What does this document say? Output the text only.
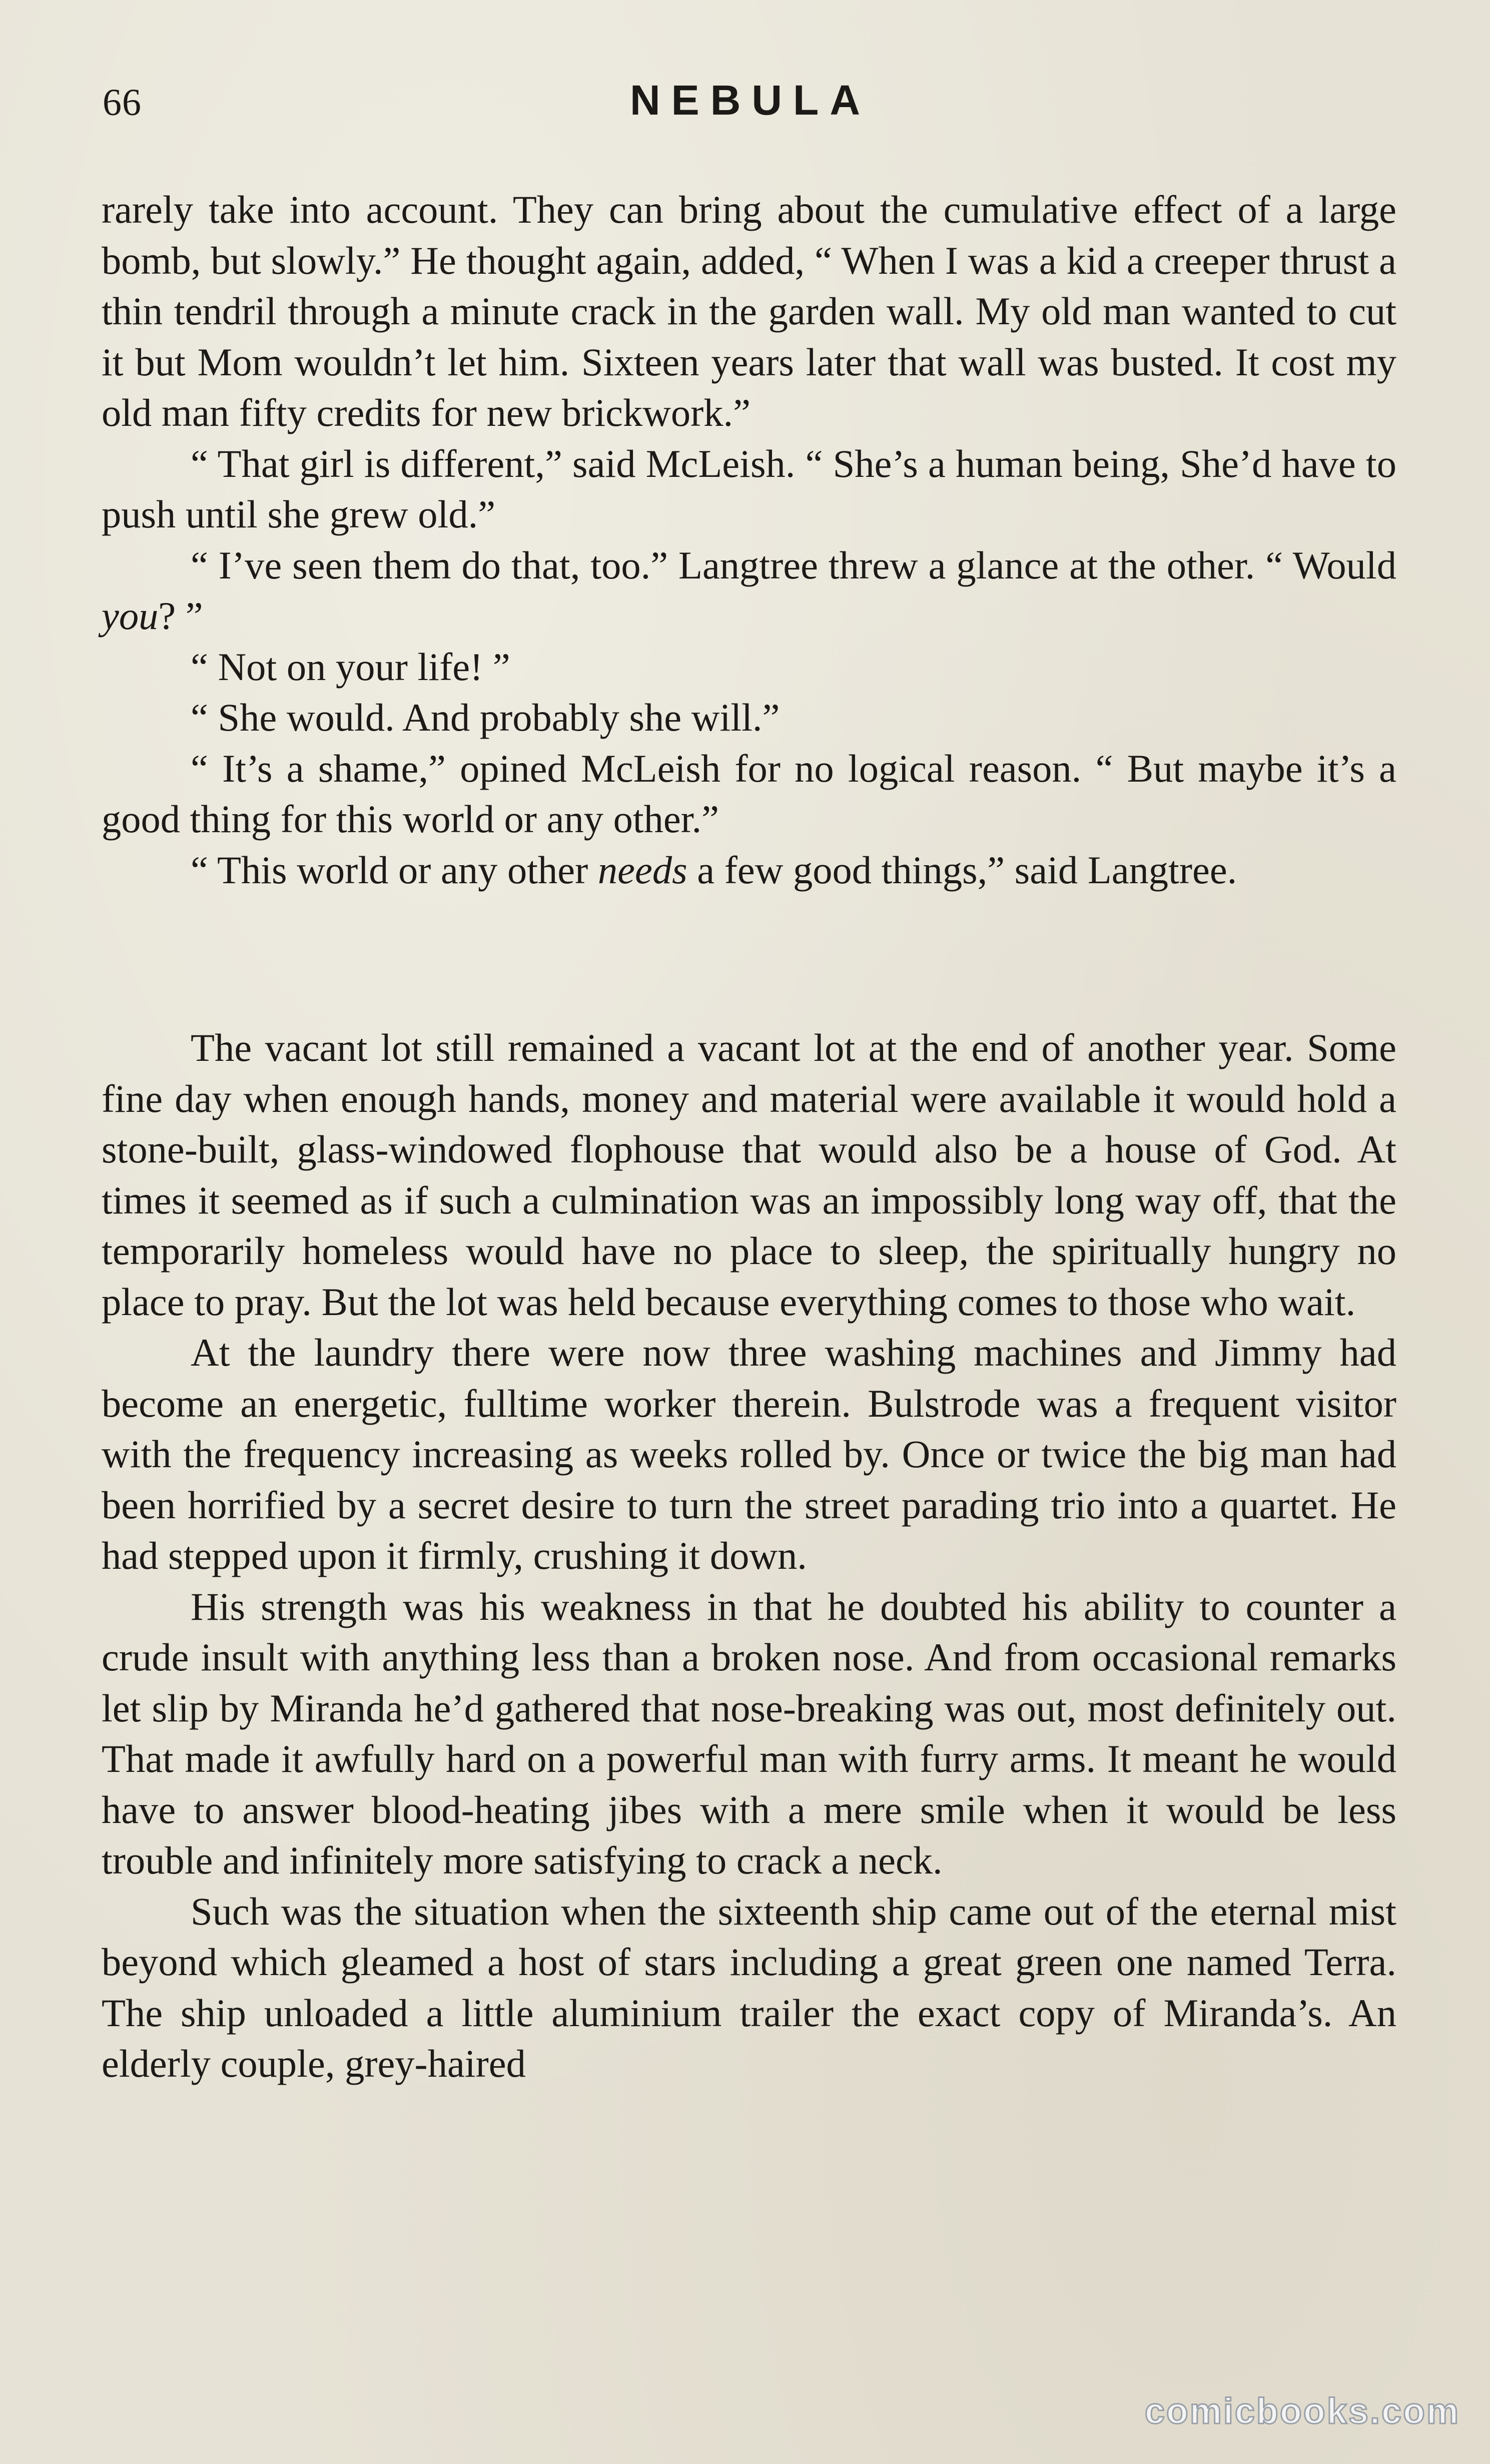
66	NEBULA

rarely take into account. They can bring about the cumulative effect of a large bomb, but slowly.” He thought again, added, “ When I was a kid a creeper thrust a thin tendril through a minute crack in the garden wall. My old man wanted to cut it but Mom wouldn’t let him. Sixteen years later that wall was busted. It cost my old man fifty credits for new brickwork.”

“ That girl is different,” said McLeish. “ She’s a human being, She’d have to push until she grew old.”

“ I’ve seen them do that, too.” Langtree threw a glance at the other. “ Would you? ”

“ Not on your life! ”

“ She would. And probably she will.”

“ It’s a shame,” opined McLeish for no logical reason. “ But maybe it’s a good thing for this world or any other.”

“ This world or any other needs a few good things,” said Langtree.

The vacant lot still remained a vacant lot at the end of another year. Some fine day when enough hands, money and material were available it would hold a stone-built, glass-windowed flophouse that would also be a house of God. At times it seemed as if such a culmination was an impossibly long way off, that the temporarily homeless would have no place to sleep, the spiritually hungry no place to pray. But the lot was held because everything comes to those who wait.

At the laundry there were now three washing machines and Jimmy had become an energetic, fulltime worker therein. Bulstrode was a frequent visitor with the frequency increasing as weeks rolled by. Once or twice the big man had been horrified by a secret desire to turn the street parading trio into a quartet. He had stepped upon it firmly, crushing it down.

His strength was his weakness in that he doubted his ability to counter a crude insult with anything less than a broken nose. And from occasional remarks let slip by Miranda he’d gathered that nose-breaking was out, most definitely out. That made it awfully hard on a powerful man with furry arms. It meant he would have to answer blood-heating jibes with a mere smile when it would be less trouble and infinitely more satisfying to crack a neck.

Such was the situation when the sixteenth ship came out of the eternal mist beyond which gleamed a host of stars including a great green one named Terra. The ship unloaded a little aluminium trailer the exact copy of Miranda’s. An elderly couple, grey-haired

comicbooks.com
